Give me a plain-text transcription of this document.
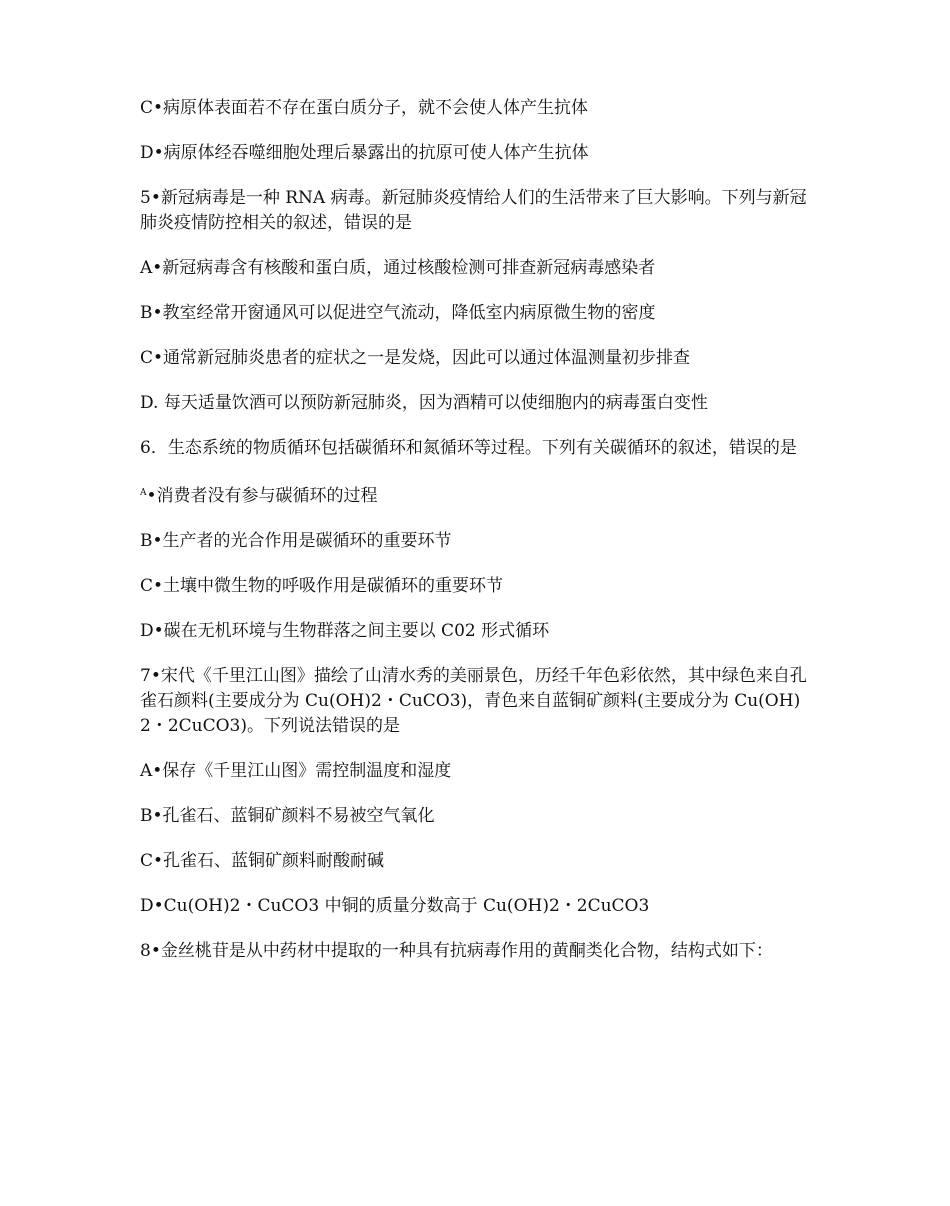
C•病原体表面若不存在蛋白质分子，就不会使人体产生抗体

D•病原体经吞噬细胞处理后暴露出的抗原可使人体产生抗体

5•新冠病毒是一种 RNA 病毒。新冠肺炎疫情给人们的生活带来了巨大影响。下列与新冠肺炎疫情防控相关的叙述，错误的是

A•新冠病毒含有核酸和蛋白质，通过核酸检测可排查新冠病毒感染者

B•教室经常开窗通风可以促进空气流动，降低室内病原微生物的密度

C•通常新冠肺炎患者的症状之一是发烧，因此可以通过体温测量初步排查

D. 每天适量饮酒可以预防新冠肺炎，因为酒精可以使细胞内的病毒蛋白变性

6．生态系统的物质循环包括碳循环和氮循环等过程。下列有关碳循环的叙述，错误的是

$^A$•消费者没有参与碳循环的过程

B•生产者的光合作用是碳循环的重要环节

C•土壤中微生物的呼吸作用是碳循环的重要环节

D•碳在无机环境与生物群落之间主要以 C02 形式循环

7•宋代《千里江山图》描绘了山清水秀的美丽景色，历经千年色彩依然，其中绿色来自孔雀石颜料(主要成分为 Cu(OH)2・CuCO3)，青色来自蓝铜矿颜料(主要成分为 Cu(OH)2・2CuCO3)。下列说法错误的是

A•保存《千里江山图》需控制温度和湿度

B•孔雀石、蓝铜矿颜料不易被空气氧化

C•孔雀石、蓝铜矿颜料耐酸耐碱

D•Cu(OH)2・CuCO3 中铜的质量分数高于 Cu(OH)2・2CuCO3

8•金丝桃苷是从中药材中提取的一种具有抗病毒作用的黄酮类化合物，结构式如下：
